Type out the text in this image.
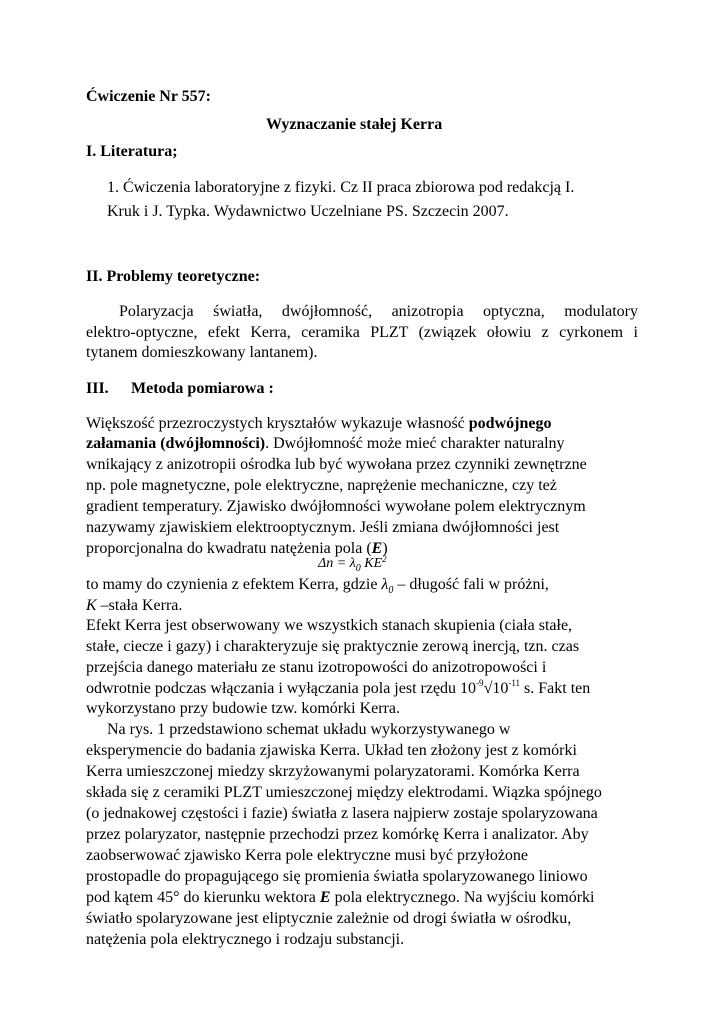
Ćwiczenie Nr 557:
Wyznaczanie stałej Kerra
I. Literatura;
1. Ćwiczenia laboratoryjne z fizyki. Cz II praca zbiorowa pod redakcją I.
Kruk i J. Typka. Wydawnictwo Uczelniane PS. Szczecin 2007.
II. Problemy teoretyczne:
Polaryzacja światła, dwójłomność, anizotropia optyczna, modulatory
elektro-optyczne, efekt Kerra, ceramika PLZT (związek ołowiu z cyrkonem i
tytanem domieszkowany lantanem).
III. Metoda pomiarowa :
Większość przezroczystych kryształów wykazuje własność podwójnego
załamania (dwójłomności). Dwójłomność może mieć charakter naturalny
wnikający z anizotropii ośrodka lub być wywołana przez czynniki zewnętrzne
np. pole magnetyczne, pole elektryczne, naprężenie mechaniczne, czy też
gradient temperatury. Zjawisko dwójłomności wywołane polem elektrycznym
nazywamy zjawiskiem elektrooptycznym. Jeśli zmiana dwójłomności jest
proporcjonalna do kwadratu natężenia pola (E)
$\Delta n = \lambda_0$ $KE^2$
to mamy do czynienia z efektem Kerra, gdzie $\lambda_0$ – długość fali w próżni,
K –stała Kerra.
Efekt Kerra jest obserwowany we wszystkich stanach skupienia (ciała stałe,
stałe, ciecze i gazy) i charakteryzuje się praktycznie zerową inercją, tzn. czas
przejścia danego materiału ze stanu izotropowości do anizotropowości i
odwrotnie podczas włączania i wyłączania pola jest rzędu $10^{-9}√10^{-11}$ s. Fakt ten
wykorzystano przy budowie tzw. komórki Kerra.
Na rys. 1 przedstawiono schemat układu wykorzystywanego w
eksperymencie do badania zjawiska Kerra. Układ ten złożony jest z komórki
Kerra umieszczonej miedzy skrzyżowanymi polaryzatorami. Komórka Kerra
składa się z ceramiki PLZT umieszczonej między elektrodami. Wiązka spójnego
(o jednakowej częstości i fazie) światła z lasera najpierw zostaje spolaryzowana
przez polaryzator, następnie przechodzi przez komórkę Kerra i analizator. Aby
zaobserwować zjawisko Kerra pole elektryczne musi być przyłożone
prostopadle do propagującego się promienia światła spolaryzowanego liniowo
pod kątem 45° do kierunku wektora E pola elektrycznego. Na wyjściu komórki
światło spolaryzowane jest eliptycznie zależnie od drogi światła w ośrodku,
natężenia pola elektrycznego i rodzaju substancji.
